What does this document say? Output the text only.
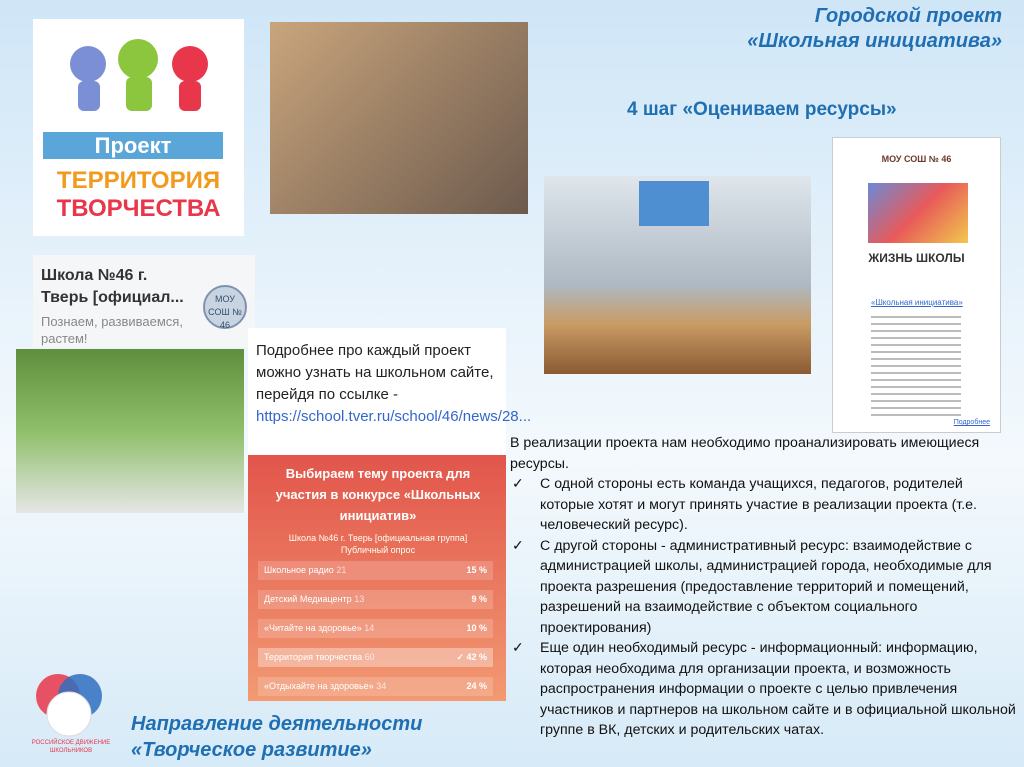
Городской проект
«Школьная инициатива»
4 шаг «Оцениваем ресурсы»
Проект
ТЕРРИТОРИЯ
ТВОРЧЕСТВА
Школа №46 г.
Тверь [официал...
Познаем, развиваемся, растем!
МОУ СОШ № 46
Подробнее про каждый проект можно узнать на школьном сайте, перейдя по ссылке - https://school.tver.ru/school/46/news/28...
Выбираем тему проекта для участия в конкурсе «Школьных инициатив»
Школа №46 г. Тверь [официальная группа] Публичный опрос
Школьное радио 21	15 %
Детский Медиацентр 13	9 %
«Читайте на здоровье» 14	10 %
Территория творчества 60	✓ 42 %
«Отдыхайте на здоровье» 34	24 %
МОУ СОШ № 46
ЖИЗНЬ ШКОЛЫ
«Школьная инициатива»
Подробнее
В реализации проекта нам необходимо проанализировать имеющиеся ресурсы.
✓ С одной стороны есть команда учащихся, педагогов, родителей которые хотят и могут принять участие в реализации проекта (т.е. человеческий ресурс).
✓ С другой стороны - административный ресурс: взаимодействие с администрацией школы, администрацией города, необходимые для проекта разрешения (предоставление территорий и помещений, разрешений на взаимодействие с объектом социального проектирования)
✓ Еще один необходимый ресурс - информационный: информацию, которая необходима для организации проекта, и возможность распространения информации о проекте с целью привлечения участников и партнеров на школьном сайте и в официальной школьной группе в ВК, детских и родительских чатах.
РОССИЙСКОЕ ДВИЖЕНИЕ ШКОЛЬНИКОВ
Направление деятельности
«Творческое развитие»
